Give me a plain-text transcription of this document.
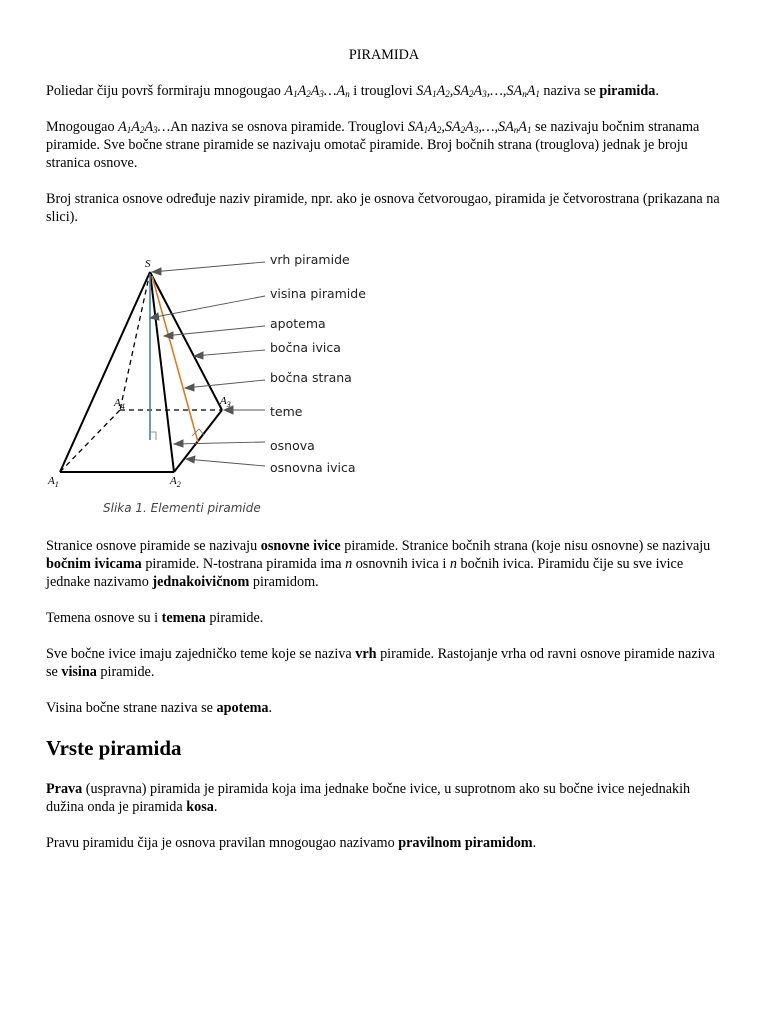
PIRAMIDA

Poliedar čiju površ formiraju mnogougao $A_1A_2A_3\dots A_n$ i trouglovi $SA_1A_2,SA_2A_3,\dots,SA_nA_1$ naziva se piramida.

Mnogougao $A_1A_2A_3\dots An$ naziva se osnova piramide. Trouglovi $SA_1A_2,SA_2A_3,\dots,SA_nA_1$ se nazivaju bočnim stranama piramide. Sve bočne strane piramide se nazivaju omotač piramide. Broj bočnih strana (trouglova) jednak je broju stranica osnove.

Broj stranica osnove određuje naziv piramide, npr. ako je osnova četvorougao, piramida je četvorostrana (prikazana na slici).

vrh piramide
visina piramide
apotema
bočna ivica
bočna strana
teme
osnova
osnovna ivica
S
$A_4$	$A_3$
$A_1$	$A_2$
Slika 1. Elementi piramide

Stranice osnove piramide se nazivaju osnovne ivice piramide. Stranice bočnih strana (koje nisu osnovne) se nazivaju bočnim ivicama piramide. N-tostrana piramida ima n osnovnih ivica i n bočnih ivica. Piramidu čije su sve ivice jednake nazivamo jednakoivičnom piramidom.

Temena osnove su i temena piramide.

Sve bočne ivice imaju zajedničko teme koje se naziva vrh piramide. Rastojanje vrha od ravni osnove piramide naziva se visina piramide.

Visina bočne strane naziva se apotema.

Vrste piramida

Prava (uspravna) piramida je piramida koja ima jednake bočne ivice, u suprotnom ako su bočne ivice nejednakih dužina onda je piramida kosa.

Pravu piramidu čija je osnova pravilan mnogougao nazivamo pravilnom piramidom.
